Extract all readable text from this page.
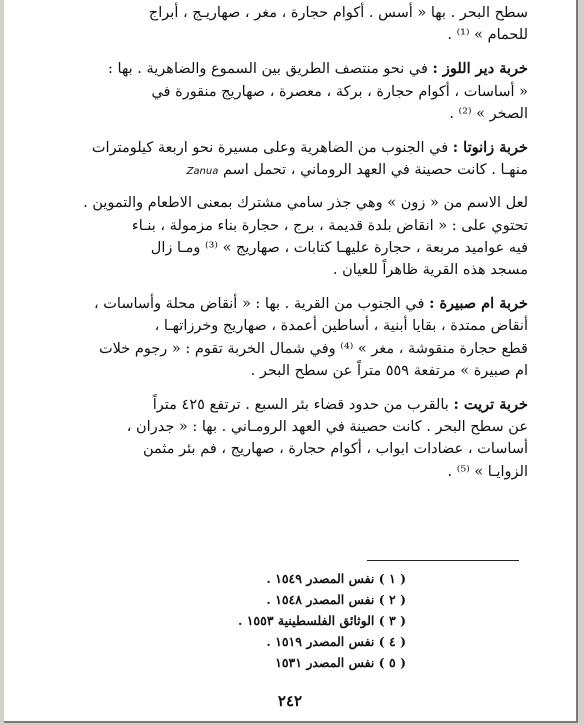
سطح البحر . بها « أسس . أكوام حجارة ، مغر ، صهاريـج ، أبراج

للحمام » ⁽¹⁾ .

خربة دير اللوز : في نحو منتصف الطريق بين السموع والضاهرية . بها :

« أساسات ، أكوام حجارة ، بركة ، معصرة ، صهاريج منقورة في

الصخر » ⁽²⁾ .

خربة زانوتا : في الجنوب من الضاهرية وعلى مسيرة نحو اربعة كيلومترات

منهـا . كانت حصينة في العهد الروماني ، تحمل اسم Zanua

لعل الاسم من « زون » وهي جذر سامي مشترك بمعنى الاطعام والتموين .

تحتوي على : « انقاض بلدة قديمة ، برج ، حجارة بناء مزمولة ، بنـاء

فيه عواميد مربعة ، حجارة عليهـا كتابات ، صهاريج » ⁽³⁾ ومـا زال

مسجد هذه القرية ظاهراً للعيان .

خربة ام صبيرة : في الجنوب من القرية . بها : « أنقاض محلة وأساسات ،

أنقاض ممتدة ، بقايا أبنية ، أساطين أعمدة ، صهاريج وخرزاتهـا ،

قطع حجارة منقوشة ، مغر » ⁽⁴⁾ وفي شمال الخربة تقوم : « رجوم خلات

ام صبيرة » مرتفعة ٥٥٩ متراً عن سطح البحر .

خربة تريت : بالقرب من حدود قضاء بئر السبع . ترتفع ٤٢٥ متراً

عن سطح البحر . كانت حصينة في العهد الرومـاني . بها : « جدران ،

أساسات ، عضادات ابواب ، أكوام حجارة ، صهاريج ، فم بئر مثمن

الزوايـا » ⁽⁵⁾ .

( ١ ) نفس المصدر ١٥٤٩ .

( ٢ ) نفس المصدر ١٥٤٨ .

( ٣ ) الوثائق الفلسطينية ١٥٥٣ .

( ٤ ) نفس المصدر ١٥١٩ .

( ٥ ) نفس المصدر ١٥٣١

٢٤٢
